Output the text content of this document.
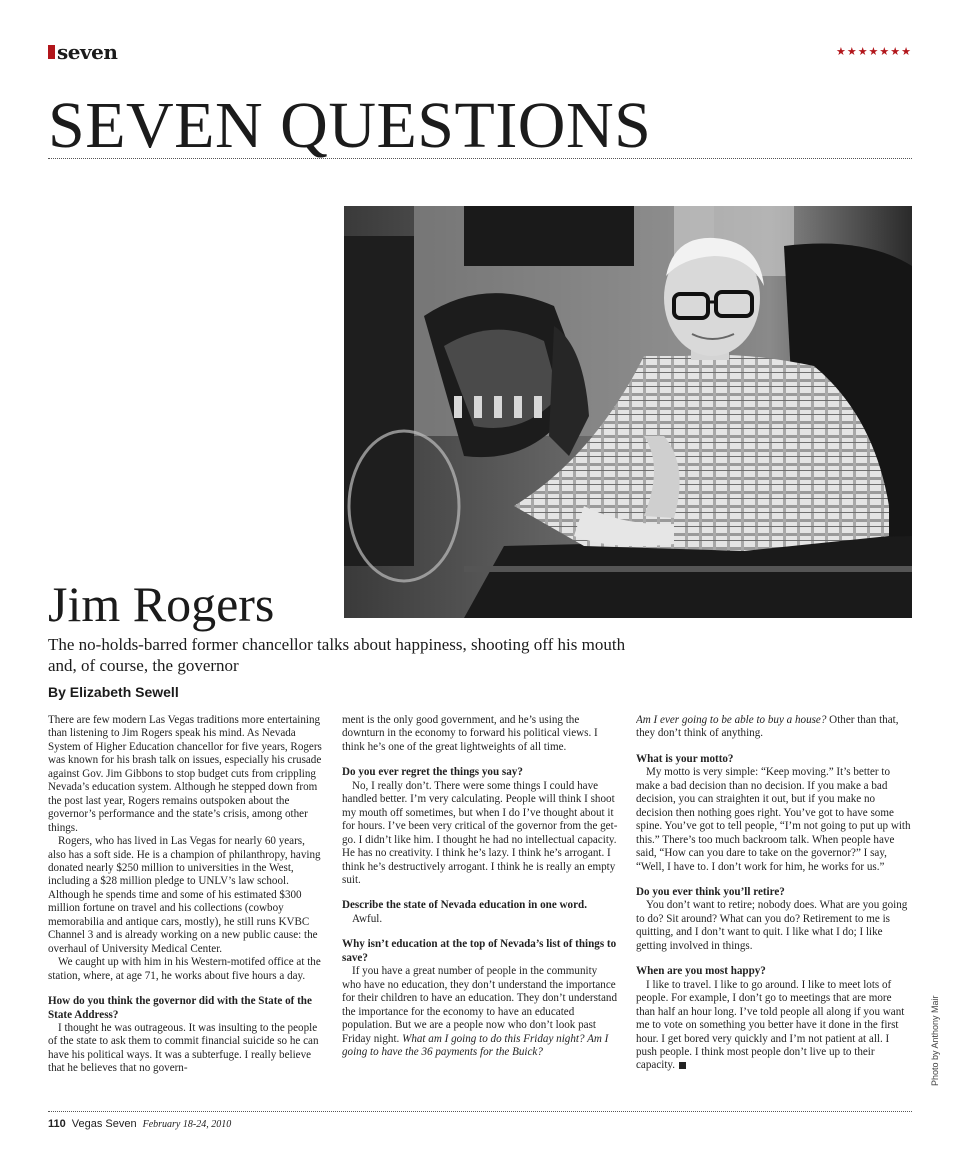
seven	★★★★★★★
SEVEN QUESTIONS
Jim Rogers

The no-holds-barred former chancellor talks about happiness, shooting off his mouth and, of course, the governor

By Elizabeth Sewell

There are few modern Las Vegas traditions more entertaining than listening to Jim Rogers speak his mind. As Nevada System of Higher Education chancellor for five years, Rogers was known for his brash talk on issues, especially his crusade against Gov. Jim Gibbons to stop budget cuts from crippling Nevada’s education system. Although he stepped down from the post last year, Rogers remains outspoken about the governor’s performance and the state’s crisis, among other things.

Rogers, who has lived in Las Vegas for nearly 60 years, also has a soft side. He is a champion of philanthropy, having donated nearly $250 million to universities in the West, including a $28 million pledge to UNLV’s law school. Although he spends time and some of his estimated $300 million fortune on travel and his collections (cowboy memorabilia and antique cars, mostly), he still runs KVBC Channel 3 and is already working on a new public cause: the overhaul of University Medical Center.

We caught up with him in his Western-motifed office at the station, where, at age 71, he works about five hours a day.

How do you think the governor did with the State of the State Address?

I thought he was outrageous. It was insulting to the people of the state to ask them to commit financial suicide so he can have his political ways. It was a subterfuge. I really believe that he believes that no govern-

ment is the only good government, and he’s using the downturn in the economy to forward his political views. I think he’s one of the great lightweights of all time.

Do you ever regret the things you say?

No, I really don’t. There were some things I could have handled better. I’m very calculating. People will think I shoot my mouth off sometimes, but when I do I’ve thought about it for hours. I’ve been very critical of the governor from the get-go. I didn’t like him. I thought he had no intellectual capacity. He has no creativity. I think he’s lazy. I think he’s arrogant. I think he’s destructively arrogant. I think he is really an empty suit.

Describe the state of Nevada education in one word.

Awful.

Why isn’t education at the top of Nevada’s list of things to save?

If you have a great number of people in the community who have no education, they don’t understand the importance for their children to have an education. They don’t understand the importance for the economy to have an educated population. But we are a people now who don’t look past Friday night. What am I going to do this Friday night? Am I going to have the 36 payments for the Buick?

Am I ever going to be able to buy a house? Other than that, they don’t think of anything.

What is your motto?

My motto is very simple: “Keep moving.” It’s better to make a bad decision than no decision. If you make a bad decision, you can straighten it out, but if you make no decision then nothing goes right. You’ve got to have some spine. You’ve got to tell people, “I’m not going to put up with this.” There’s too much backroom talk. When people have said, “How can you dare to take on the governor?” I say, “Well, I have to. I don’t work for him, he works for us.”

Do you ever think you’ll retire?

You don’t want to retire; nobody does. What are you going to do? Sit around? What can you do? Retirement to me is quitting, and I don’t want to quit. I like what I do; I like getting involved in things.

When are you most happy?

I like to travel. I like to go around. I like to meet lots of people. For example, I don’t go to meetings that are more than half an hour long. I’ve told people all along if you want me to vote on something you better have it done in the first hour. I get bored very quickly and I’m not patient at all. I push people. I think most people don’t live up to their capacity.	Photo by Anthony Mair
110 Vegas Seven February 18-24, 2010
